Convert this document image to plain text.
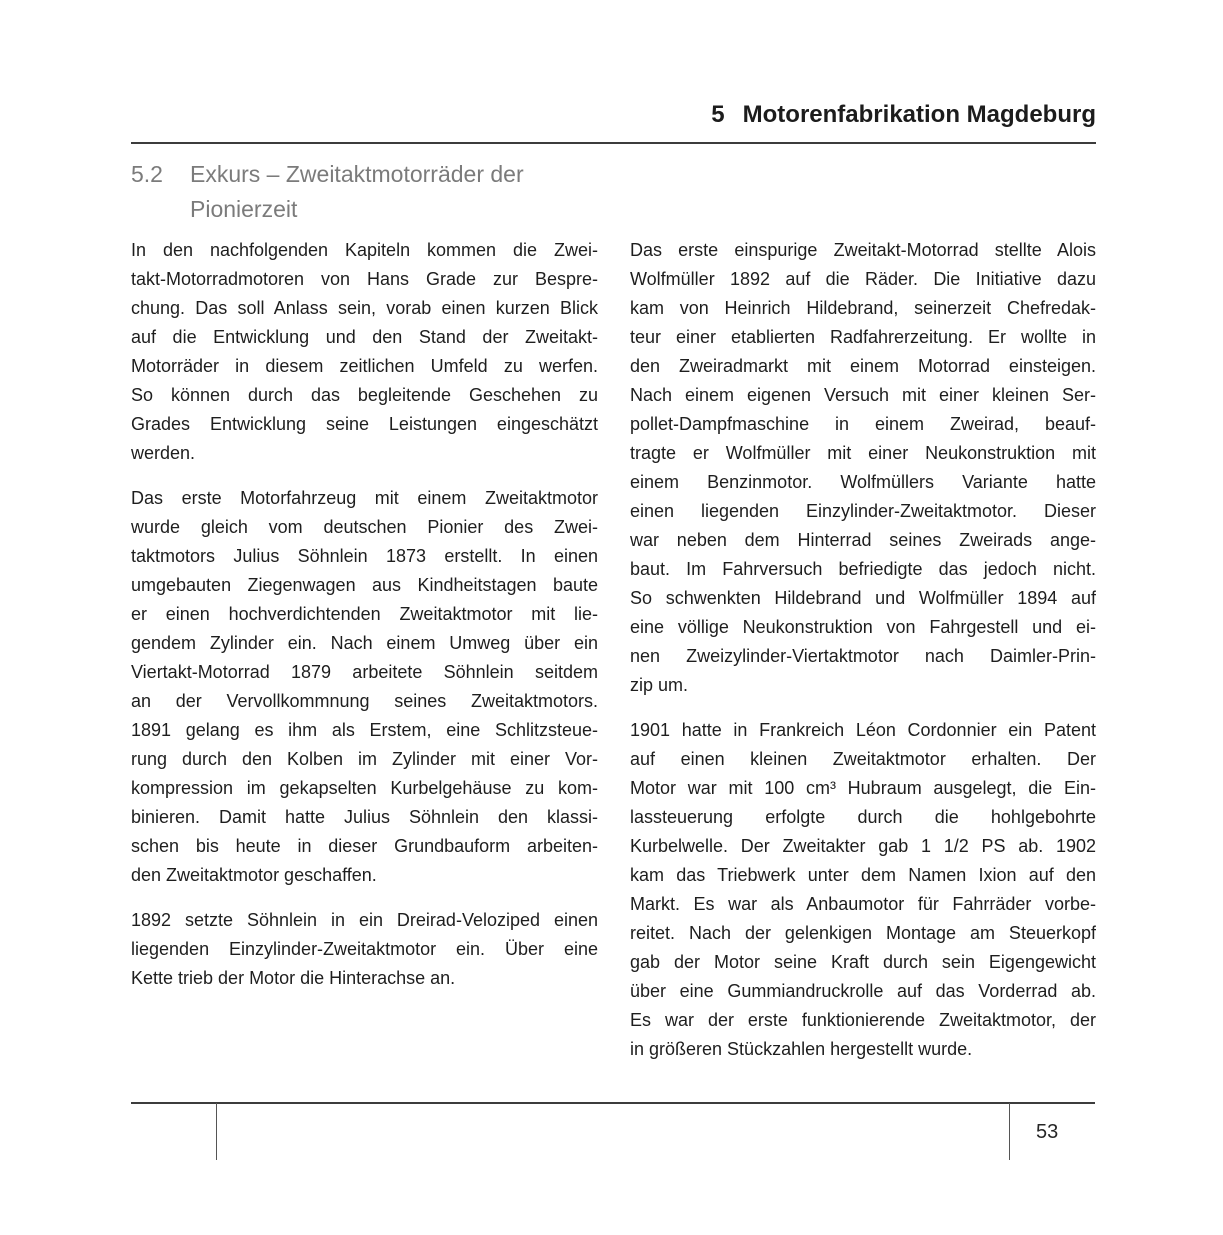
5 Motorenfabrikation Magdeburg
5.2	Exkurs – Zweitaktmotorräder der
Pionierzeit
In den nachfolgenden Kapiteln kommen die Zwei-
takt-Motorradmotoren von Hans Grade zur Bespre-
chung. Das soll Anlass sein, vorab einen kurzen Blick
auf die Entwicklung und den Stand der Zweitakt-
Motorräder in diesem zeitlichen Umfeld zu werfen.
So können durch das begleitende Geschehen zu
Grades Entwicklung seine Leistungen eingeschätzt
werden.
Das erste Motorfahrzeug mit einem Zweitaktmotor
wurde gleich vom deutschen Pionier des Zwei-
taktmotors Julius Söhnlein 1873 erstellt. In einen
umgebauten Ziegenwagen aus Kindheitstagen baute
er einen hochverdichtenden Zweitaktmotor mit lie-
gendem Zylinder ein. Nach einem Umweg über ein
Viertakt-Motorrad 1879 arbeitete Söhnlein seitdem
an der Vervollkommnung seines Zweitaktmotors.
1891 gelang es ihm als Erstem, eine Schlitzsteue-
rung durch den Kolben im Zylinder mit einer Vor-
kompression im gekapselten Kurbelgehäuse zu kom-
binieren. Damit hatte Julius Söhnlein den klassi-
schen bis heute in dieser Grundbauform arbeiten-
den Zweitaktmotor geschaffen.
1892 setzte Söhnlein in ein Dreirad-Veloziped einen
liegenden Einzylinder-Zweitaktmotor ein. Über eine
Kette trieb der Motor die Hinterachse an.
Das erste einspurige Zweitakt-Motorrad stellte Alois
Wolfmüller 1892 auf die Räder. Die Initiative dazu
kam von Heinrich Hildebrand, seinerzeit Chefredak-
teur einer etablierten Radfahrerzeitung. Er wollte in
den Zweiradmarkt mit einem Motorrad einsteigen.
Nach einem eigenen Versuch mit einer kleinen Ser-
pollet-Dampfmaschine in einem Zweirad, beauf-
tragte er Wolfmüller mit einer Neukonstruktion mit
einem Benzinmotor. Wolfmüllers Variante hatte
einen liegenden Einzylinder-Zweitaktmotor. Dieser
war neben dem Hinterrad seines Zweirads ange-
baut. Im Fahrversuch befriedigte das jedoch nicht.
So schwenkten Hildebrand und Wolfmüller 1894 auf
eine völlige Neukonstruktion von Fahrgestell und ei-
nen Zweizylinder-Viertaktmotor nach Daimler-Prin-
zip um.
1901 hatte in Frankreich Léon Cordonnier ein Patent
auf einen kleinen Zweitaktmotor erhalten. Der
Motor war mit 100 cm³ Hubraum ausgelegt, die Ein-
lassteuerung erfolgte durch die hohlgebohrte
Kurbelwelle. Der Zweitakter gab 1 1/2 PS ab. 1902
kam das Triebwerk unter dem Namen Ixion auf den
Markt. Es war als Anbaumotor für Fahrräder vorbe-
reitet. Nach der gelenkigen Montage am Steuerkopf
gab der Motor seine Kraft durch sein Eigengewicht
über eine Gummiandruckrolle auf das Vorderrad ab.
Es war der erste funktionierende Zweitaktmotor, der
in größeren Stückzahlen hergestellt wurde.
53
